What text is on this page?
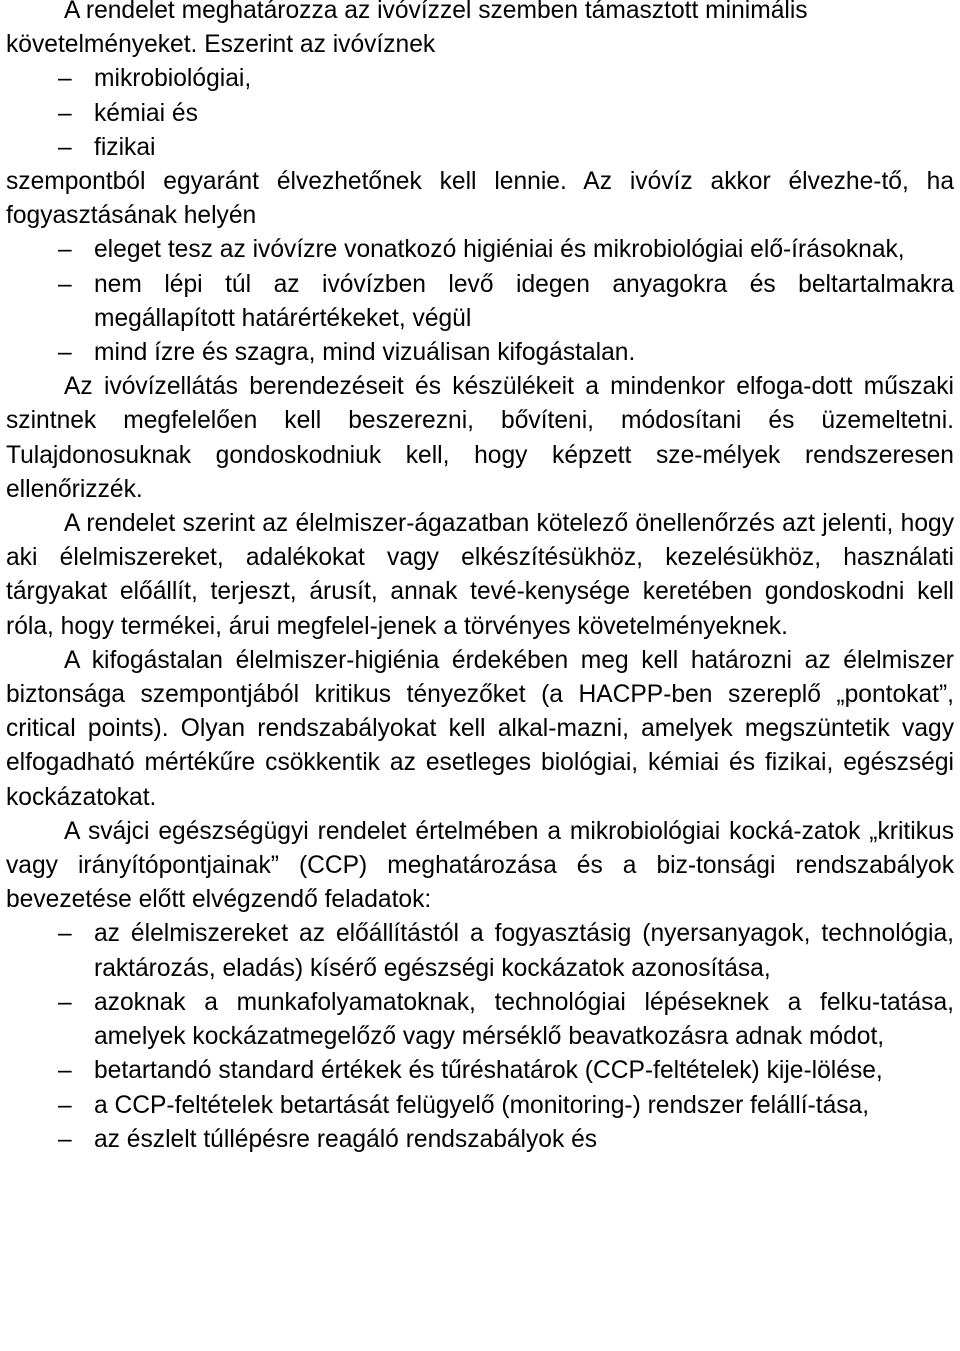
A rendelet meghatározza az ivóvízzel szemben támasztott minimális követelményeket. Eszerint az ivóvíznek

– mikrobiológiai,
– kémiai és
– fizikai

szempontból egyaránt élvezhetőnek kell lennie. Az ivóvíz akkor élvezhe-tő, ha fogyasztásának helyén

– eleget tesz az ivóvízre vonatkozó higiéniai és mikrobiológiai elő-írásoknak,
– nem lépi túl az ivóvízben levő idegen anyagokra és beltartalmakra megállapított határértékeket, végül
– mind ízre és szagra, mind vizuálisan kifogástalan.

Az ivóvízellátás berendezéseit és készülékeit a mindenkor elfoga-dott műszaki szintnek megfelelően kell beszerezni, bővíteni, módosítani és üzemeltetni. Tulajdonosuknak gondoskodniuk kell, hogy képzett sze-mélyek rendszeresen ellenőrizzék.

A rendelet szerint az élelmiszer-ágazatban kötelező önellenőrzés azt jelenti, hogy aki élelmiszereket, adalékokat vagy elkészítésükhöz, kezelésükhöz, használati tárgyakat előállít, terjeszt, árusít, annak tevé-kenysége keretében gondoskodni kell róla, hogy termékei, árui megfelel-jenek a törvényes követelményeknek.

A kifogástalan élelmiszer-higiénia érdekében meg kell határozni az élelmiszer biztonsága szempontjából kritikus tényezőket (a HACPP-ben szereplő „pontokat”, critical points). Olyan rendszabályokat kell alkal-mazni, amelyek megszüntetik vagy elfogadható mértékűre csökkentik az esetleges biológiai, kémiai és fizikai, egészségi kockázatokat.

A svájci egészségügyi rendelet értelmében a mikrobiológiai kocká-zatok „kritikus vagy irányítópontjainak” (CCP) meghatározása és a biz-tonsági rendszabályok bevezetése előtt elvégzendő feladatok:

– az élelmiszereket az előállítástól a fogyasztásig (nyersanyagok, technológia, raktározás, eladás) kísérő egészségi kockázatok azonosítása,
– azoknak a munkafolyamatoknak, technológiai lépéseknek a felku-tatása, amelyek kockázatmegelőző vagy mérséklő beavatkozásra adnak módot,
– betartandó standard értékek és tűréshatárok (CCP-feltételek) kije-lölése,
– a CCP-feltételek betartását felügyelő (monitoring-) rendszer felállí-tása,
– az észlelt túllépésre reagáló rendszabályok és
